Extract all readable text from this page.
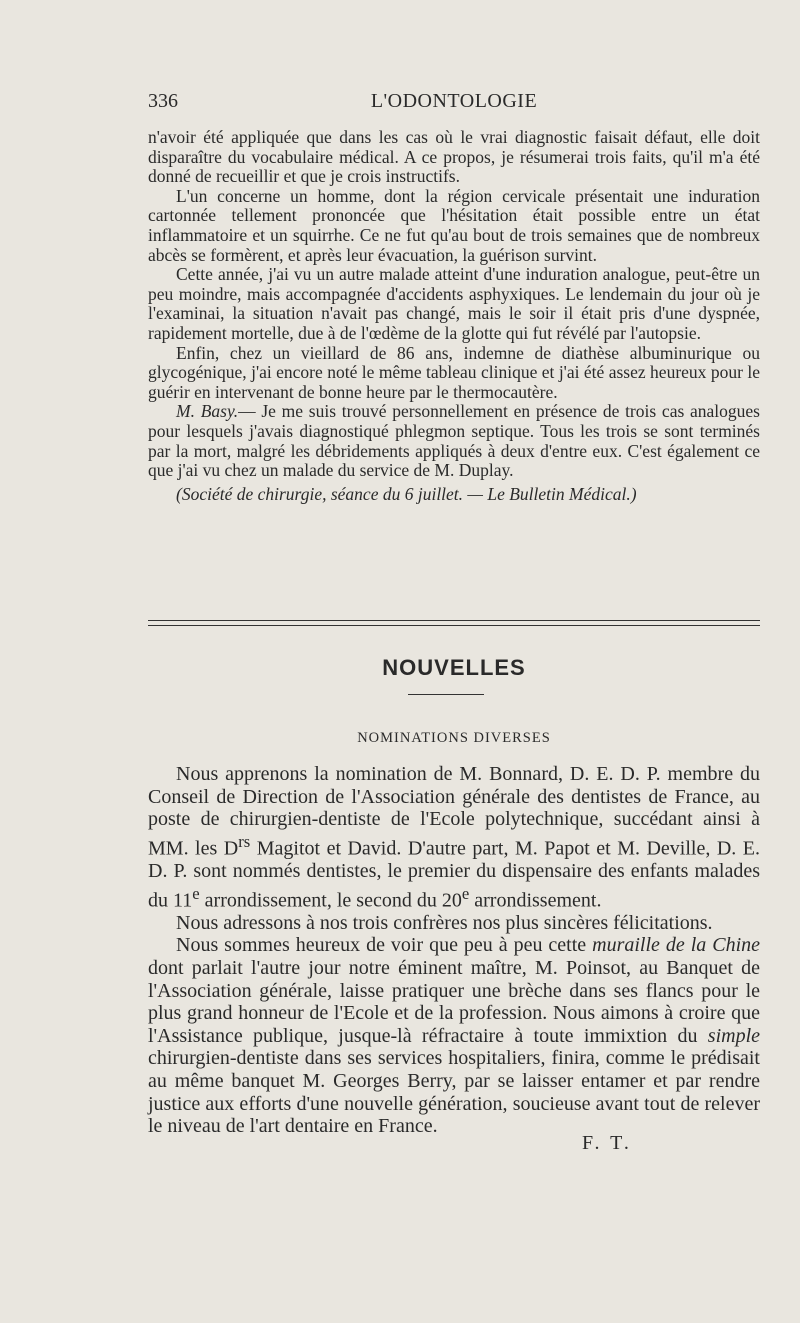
336	L'ODONTOLOGIE

n'avoir été appliquée que dans les cas où le vrai diagnostic faisait défaut, elle doit disparaître du vocabulaire médical. A ce propos, je résumerai trois faits, qu'il m'a été donné de recueillir et que je crois instructifs.

L'un concerne un homme, dont la région cervicale présentait une induration cartonnée tellement prononcée que l'hésitation était possible entre un état inflammatoire et un squirrhe. Ce ne fut qu'au bout de trois semaines que de nombreux abcès se formèrent, et après leur évacuation, la guérison survint.

Cette année, j'ai vu un autre malade atteint d'une induration analogue, peut-être un peu moindre, mais accompagnée d'accidents asphyxiques. Le lendemain du jour où je l'examinai, la situation n'avait pas changé, mais le soir il était pris d'une dyspnée, rapidement mortelle, due à de l'œdème de la glotte qui fut révélé par l'autopsie.

Enfin, chez un vieillard de 86 ans, indemne de diathèse albuminurique ou glycogénique, j'ai encore noté le même tableau clinique et j'ai été assez heureux pour le guérir en intervenant de bonne heure par le thermocautère.

M. Basy.— Je me suis trouvé personnellement en présence de trois cas analogues pour lesquels j'avais diagnostiqué phlegmon septique. Tous les trois se sont terminés par la mort, malgré les débridements appliqués à deux d'entre eux. C'est également ce que j'ai vu chez un malade du service de M. Duplay.

(Société de chirurgie, séance du 6 juillet. — Le Bulletin Médical.)

NOUVELLES
NOMINATIONS DIVERSES

Nous apprenons la nomination de M. Bonnard, D. E. D. P. membre du Conseil de Direction de l'Association générale des dentistes de France, au poste de chirurgien-dentiste de l'Ecole polytechnique, succédant ainsi à MM. les $D^{rs}$ Magitot et David. D'autre part, M. Papot et M. Deville, D. E. D. P. sont nommés dentistes, le premier du dispensaire des enfants malades du 11e arrondissement, le second du 20e arrondissement.

Nous adressons à nos trois confrères nos plus sincères félicitations.

Nous sommes heureux de voir que peu à peu cette muraille de la Chine dont parlait l'autre jour notre éminent maître, M. Poinsot, au Banquet de l'Association générale, laisse pratiquer une brèche dans ses flancs pour le plus grand honneur de l'Ecole et de la profession. Nous aimons à croire que l'Assistance publique, jusque-là réfractaire à toute immixtion du simple chirurgien-dentiste dans ses services hospitaliers, finira, comme le prédisait au même banquet M. Georges Berry, par se laisser entamer et par rendre justice aux efforts d'une nouvelle génération, soucieuse avant tout de relever le niveau de l'art dentaire en France.

F. T.
